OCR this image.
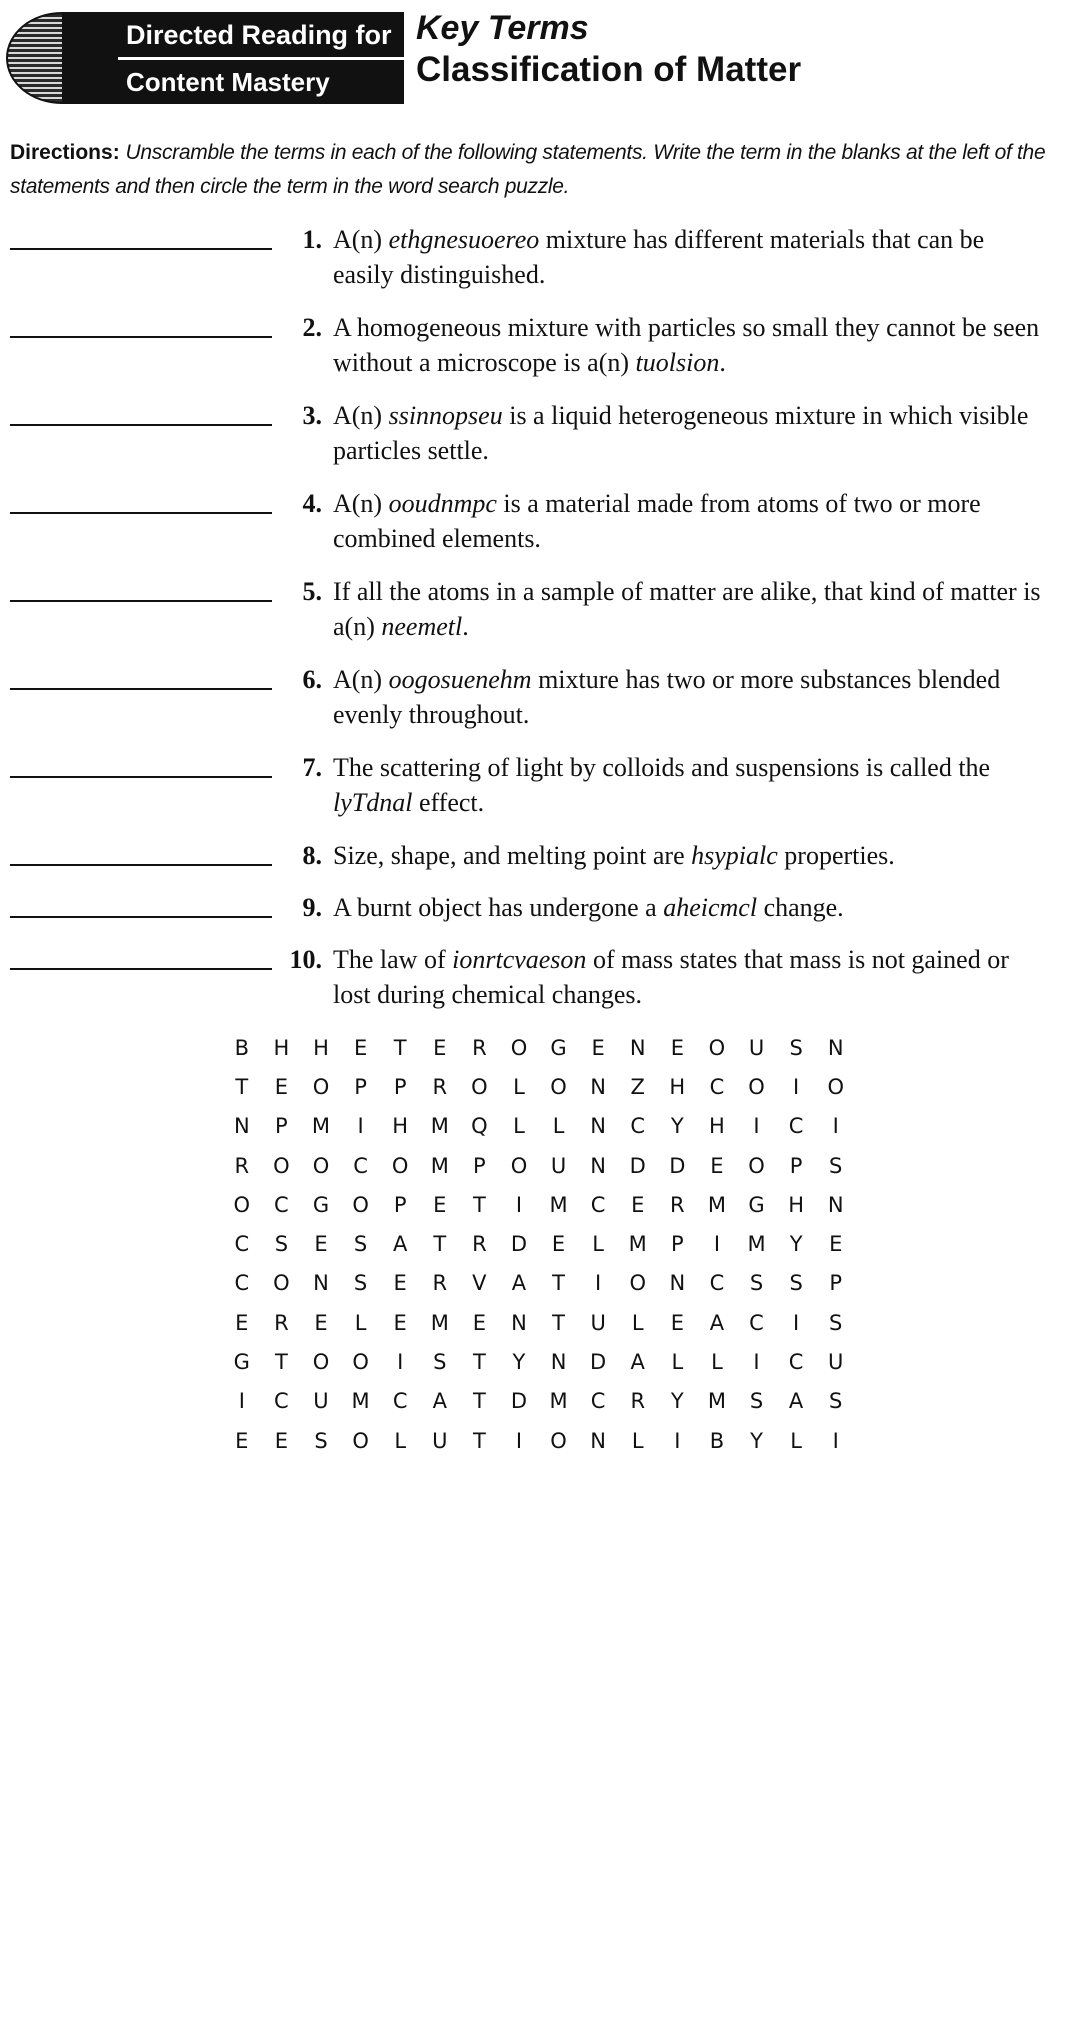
Directed Reading for
Content Mastery
Key Terms
Classification of Matter
Directions: Unscramble the terms in each of the following statements. Write the term in the blanks at the left of the statements and then circle the term in the word search puzzle.
1. A(n) ethgnesuoereo mixture has different materials that can be easily distinguished.
2. A homogeneous mixture with particles so small they cannot be seen without a microscope is a(n) tuolsion.
3. A(n) ssinnopseu is a liquid heterogeneous mixture in which visible particles settle.
4. A(n) ooudnmpc is a material made from atoms of two or more combined elements.
5. If all the atoms in a sample of matter are alike, that kind of matter is a(n) neemetl.
6. A(n) oogosuenehm mixture has two or more substances blended evenly throughout.
7. The scattering of light by colloids and suspensions is called the lyTdnal effect.
8. Size, shape, and melting point are hsypialc properties.
9. A burnt object has undergone a aheicmcl change.
10. The law of ionrtcvaeson of mass states that mass is not gained or lost during chemical changes.
B	H	H	E	T	E	R	O	G	E	N	E	O	U	S	N
T	E	O	P	P	R	O	L	O	N	Z	H	C	O	I	O
N	P	M	I	H	M	Q	L	L	N	C	Y	H	I	C	I
R	O	O	C	O	M	P	O	U	N	D	D	E	O	P	S
O	C	G	O	P	E	T	I	M	C	E	R	M	G	H	N
C	S	E	S	A	T	R	D	E	L	M	P	I	M	Y	E
C	O	N	S	E	R	V	A	T	I	O	N	C	S	S	P
E	R	E	L	E	M	E	N	T	U	L	E	A	C	I	S
G	T	O	O	I	S	T	Y	N	D	A	L	L	I	C	U
I	C	U	M	C	A	T	D	M	C	R	Y	M	S	A	S
E	E	S	O	L	U	T	I	O	N	L	I	B	Y	L	I
